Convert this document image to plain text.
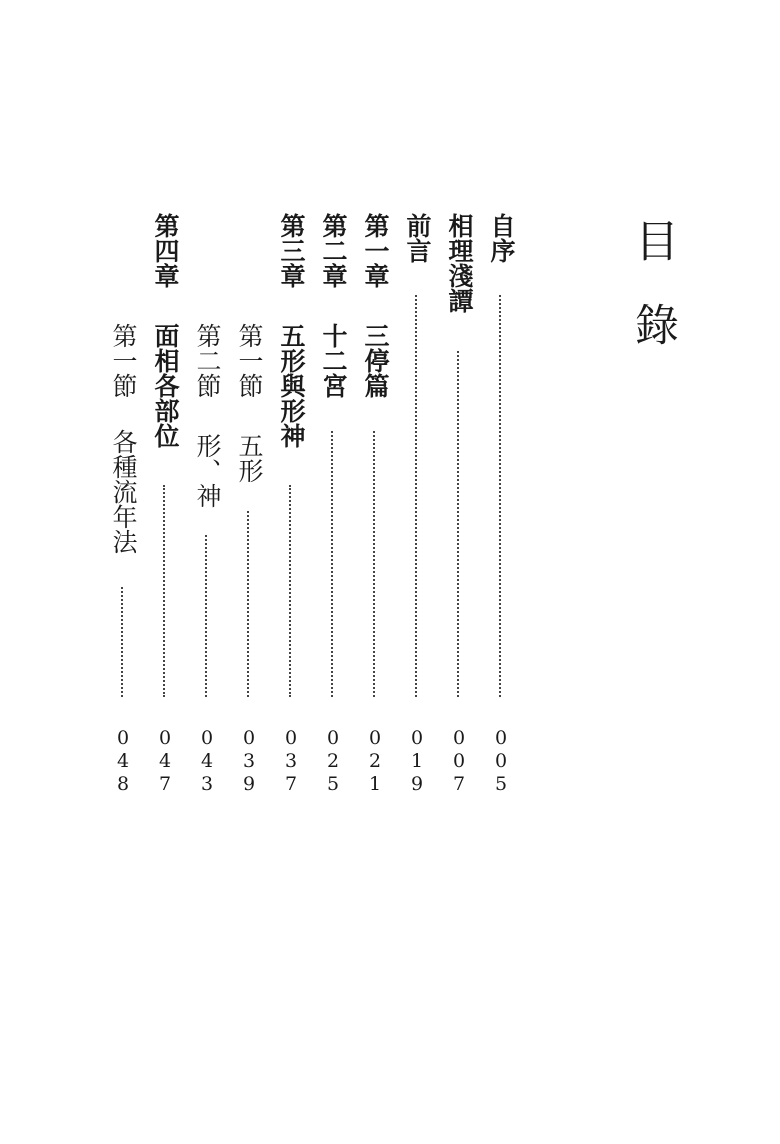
目錄
自序
005
相理淺譚
007
前言
019
第一章
三停篇
021
第二章
十二宮
025
第三章
五形與形神
037
第一節
五形
039
第二節
形、神
043
第四章
面相各部位
047
第一節
各種流年法
048
